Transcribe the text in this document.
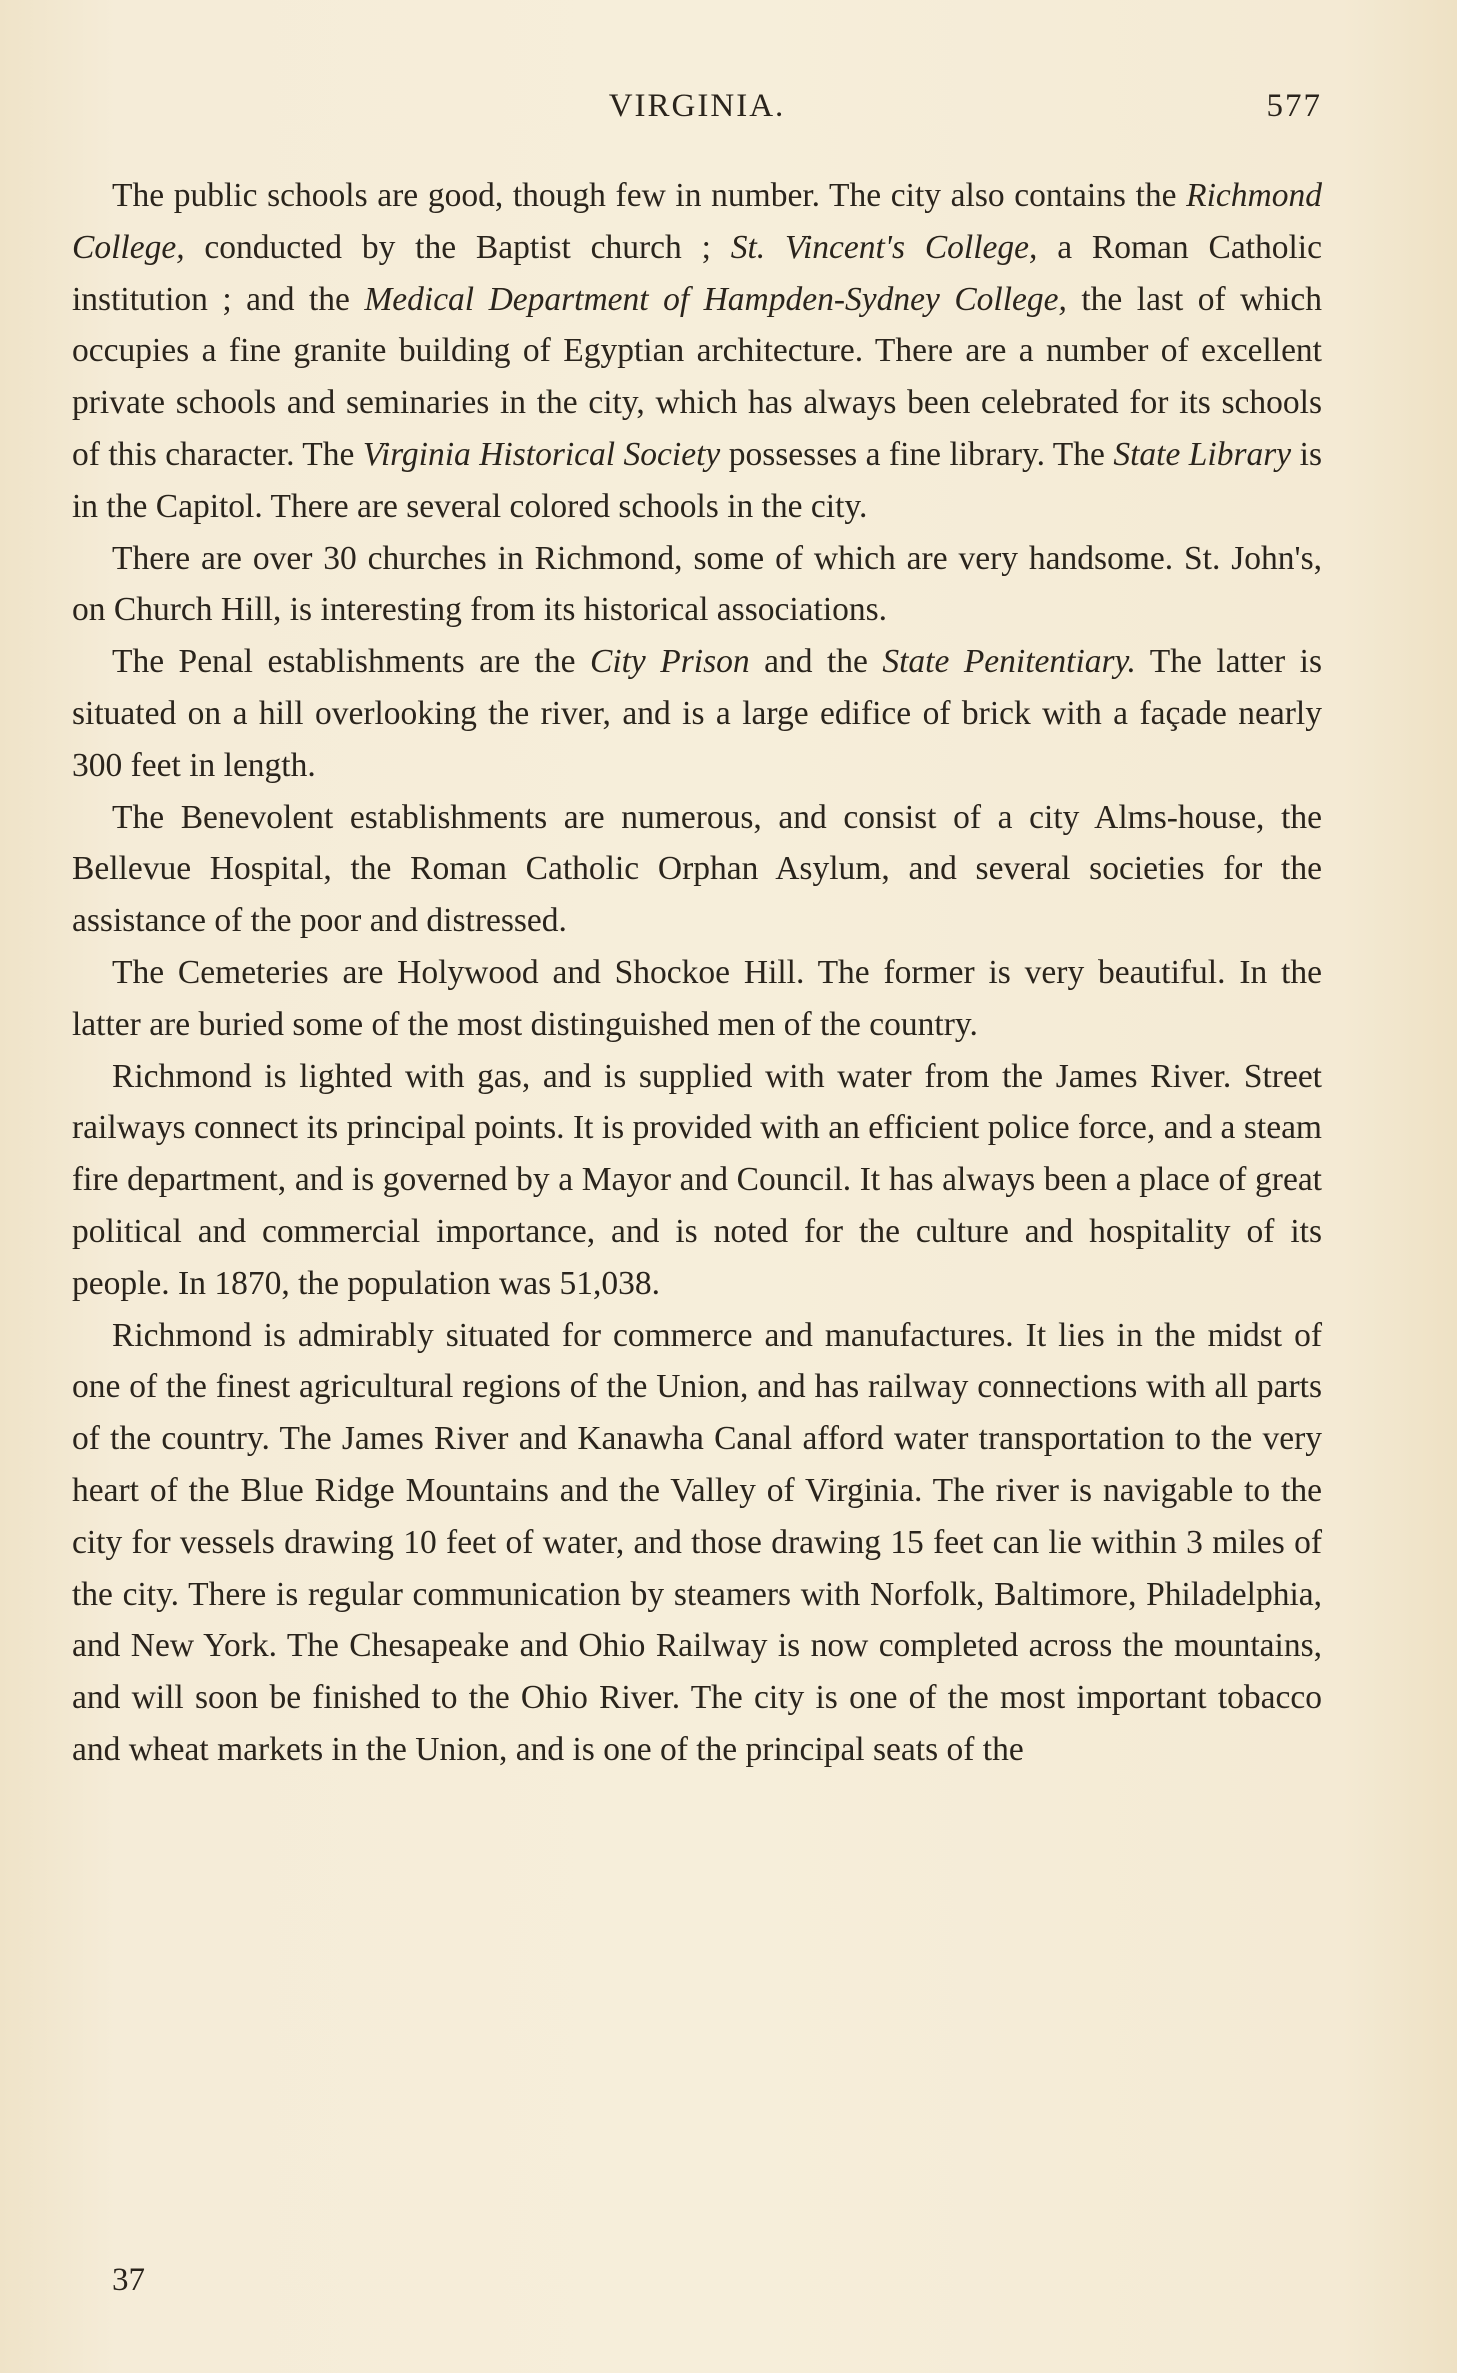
VIRGINIA.	577

The public schools are good, though few in number. The city also contains the Richmond College, conducted by the Baptist church ; St. Vincent's College, a Roman Catholic institution ; and the Medical Department of Hampden-Sydney College, the last of which occupies a fine granite building of Egyptian architecture. There are a number of excellent private schools and seminaries in the city, which has always been celebrated for its schools of this character. The Virginia Historical Society possesses a fine library. The State Library is in the Capitol. There are several colored schools in the city.

There are over 30 churches in Richmond, some of which are very handsome. St. John's, on Church Hill, is interesting from its historical associations.

The Penal establishments are the City Prison and the State Penitentiary. The latter is situated on a hill overlooking the river, and is a large edifice of brick with a façade nearly 300 feet in length.

The Benevolent establishments are numerous, and consist of a city Alms-house, the Bellevue Hospital, the Roman Catholic Orphan Asylum, and several societies for the assistance of the poor and distressed.

The Cemeteries are Holywood and Shockoe Hill. The former is very beautiful. In the latter are buried some of the most distinguished men of the country.

Richmond is lighted with gas, and is supplied with water from the James River. Street railways connect its principal points. It is provided with an efficient police force, and a steam fire department, and is governed by a Mayor and Council. It has always been a place of great political and commercial importance, and is noted for the culture and hospitality of its people. In 1870, the population was 51,038.

Richmond is admirably situated for commerce and manufactures. It lies in the midst of one of the finest agricultural regions of the Union, and has railway connections with all parts of the country. The James River and Kanawha Canal afford water transportation to the very heart of the Blue Ridge Mountains and the Valley of Virginia. The river is navigable to the city for vessels drawing 10 feet of water, and those drawing 15 feet can lie within 3 miles of the city. There is regular communication by steamers with Norfolk, Baltimore, Philadelphia, and New York. The Chesapeake and Ohio Railway is now completed across the mountains, and will soon be finished to the Ohio River. The city is one of the most important tobacco and wheat markets in the Union, and is one of the principal seats of the

37
